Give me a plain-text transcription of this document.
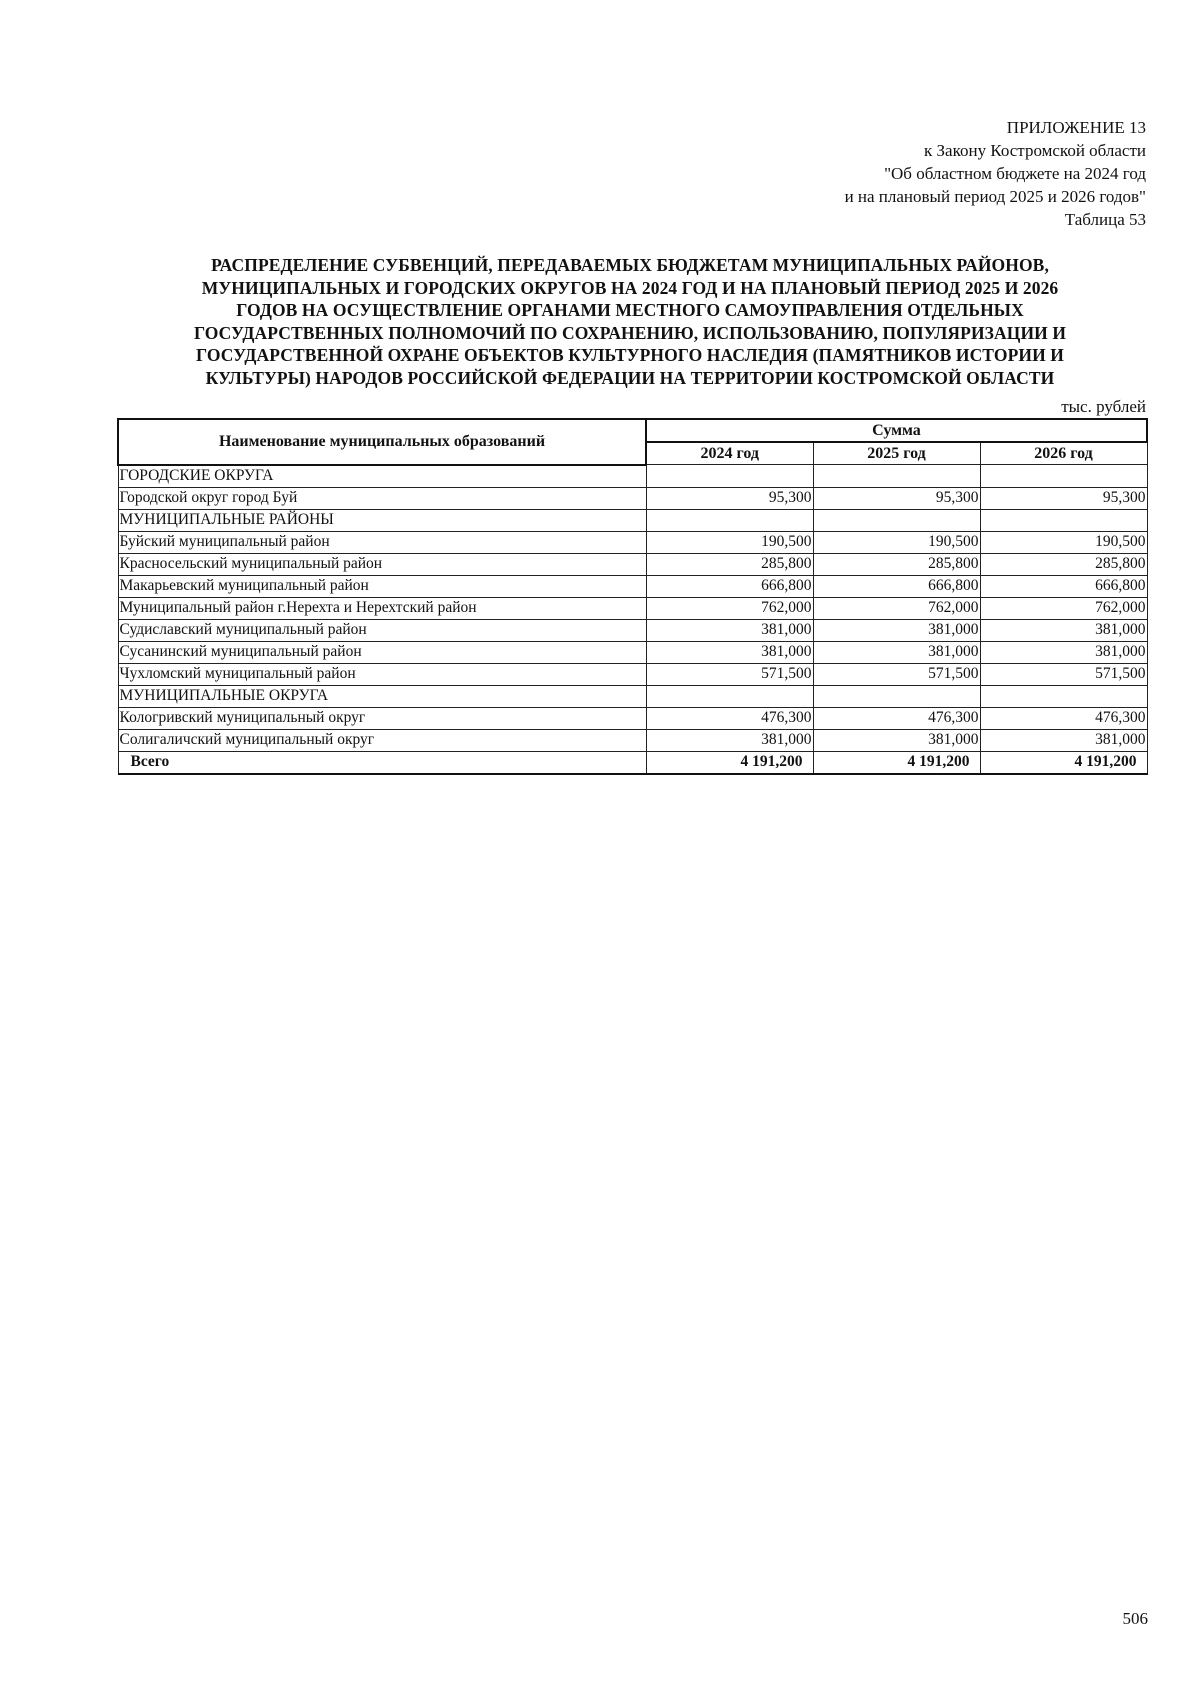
ПРИЛОЖЕНИЕ 13
к Закону Костромской области
"Об областном бюджете на 2024 год
и на плановый период 2025 и 2026 годов"
Таблица 53
РАСПРЕДЕЛЕНИЕ СУБВЕНЦИЙ, ПЕРЕДАВАЕМЫХ БЮДЖЕТАМ МУНИЦИПАЛЬНЫХ РАЙОНОВ,
МУНИЦИПАЛЬНЫХ И ГОРОДСКИХ ОКРУГОВ НА 2024 ГОД И НА ПЛАНОВЫЙ ПЕРИОД 2025 И 2026
ГОДОВ НА ОСУЩЕСТВЛЕНИЕ ОРГАНАМИ МЕСТНОГО САМОУПРАВЛЕНИЯ ОТДЕЛЬНЫХ
ГОСУДАРСТВЕННЫХ ПОЛНОМОЧИЙ ПО СОХРАНЕНИЮ, ИСПОЛЬЗОВАНИЮ, ПОПУЛЯРИЗАЦИИ И
ГОСУДАРСТВЕННОЙ ОХРАНЕ ОБЪЕКТОВ КУЛЬТУРНОГО НАСЛЕДИЯ (ПАМЯТНИКОВ ИСТОРИИ И
КУЛЬТУРЫ) НАРОДОВ РОССИЙСКОЙ ФЕДЕРАЦИИ НА ТЕРРИТОРИИ КОСТРОМСКОЙ ОБЛАСТИ
тыс. рублей
Наименование муниципальных образований	Сумма		
	2024 год	2025 год	2026 год
ГОРОДСКИЕ ОКРУГА			
Городской округ город Буй	95,300	95,300	95,300
МУНИЦИПАЛЬНЫЕ РАЙОНЫ			
Буйский муниципальный район	190,500	190,500	190,500
Красносельский муниципальный район	285,800	285,800	285,800
Макарьевский муниципальный район	666,800	666,800	666,800
Муниципальный район г.Нерехта и Нерехтский район	762,000	762,000	762,000
Судиславский муниципальный район	381,000	381,000	381,000
Сусанинский муниципальный район	381,000	381,000	381,000
Чухломский муниципальный район	571,500	571,500	571,500
МУНИЦИПАЛЬНЫЕ ОКРУГА			
Кологривский муниципальный округ	476,300	476,300	476,300
Солигаличский муниципальный округ	381,000	381,000	381,000
Всего	4 191,200	4 191,200	4 191,200
506
